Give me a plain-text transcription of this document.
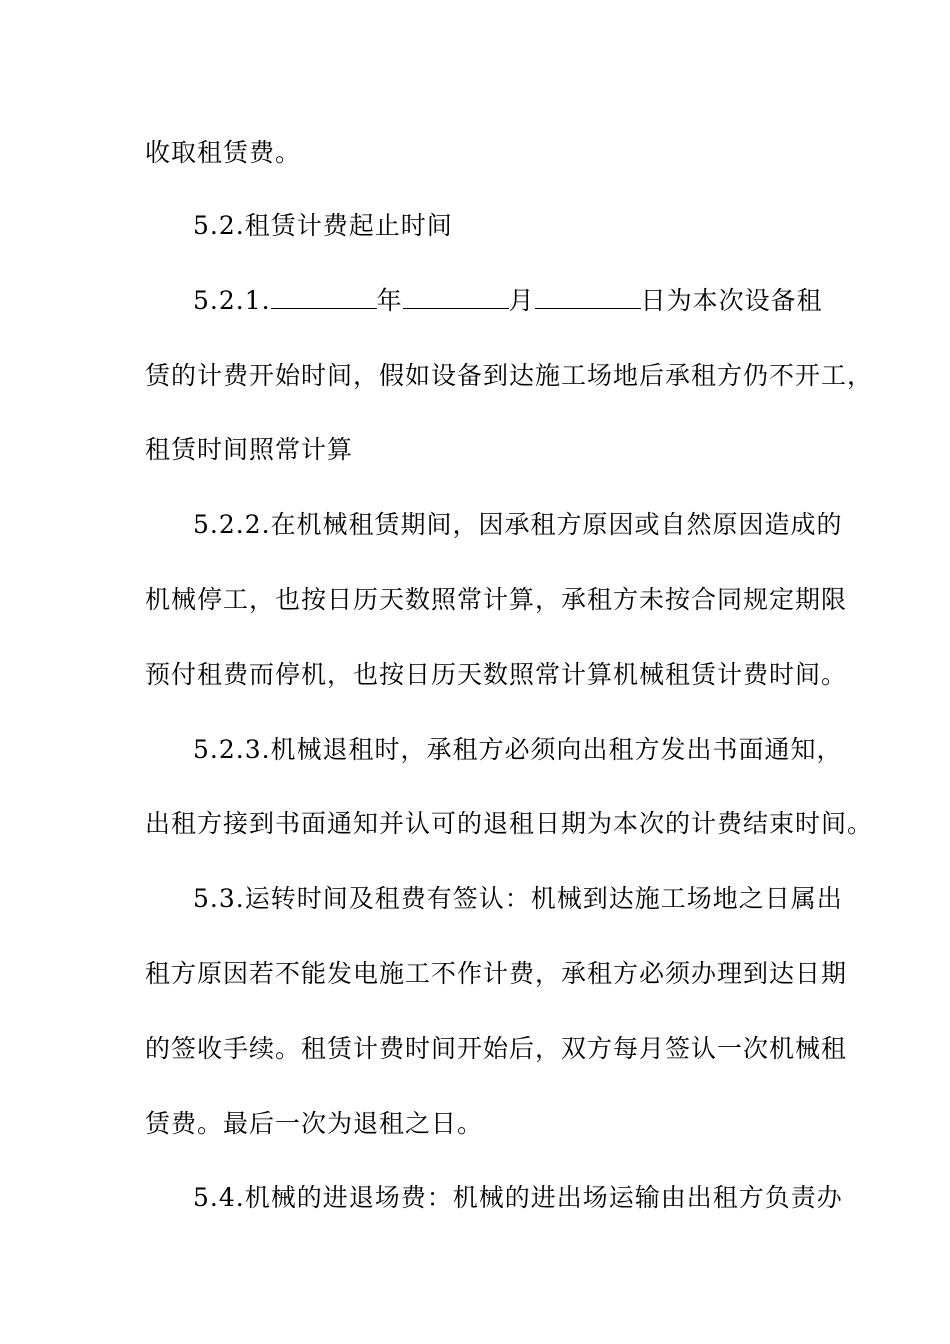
收取租赁费。
5.2.租赁计费起止时间
5.2.1.	年	月	日为本次设备租
赁的计费开始时间，假如设备到达施工场地后承租方仍不开工，
租赁时间照常计算
5.2.2.在机械租赁期间，因承租方原因或自然原因造成的
机械停工，也按日历天数照常计算，承租方未按合同规定期限
预付租费而停机，也按日历天数照常计算机械租赁计费时间。
5.2.3.机械退租时，承租方必须向出租方发出书面通知，
出租方接到书面通知并认可的退租日期为本次的计费结束时间。
5.3.运转时间及租费有签认：机械到达施工场地之日属出
租方原因若不能发电施工不作计费，承租方必须办理到达日期
的签收手续。租赁计费时间开始后，双方每月签认一次机械租
赁费。最后一次为退租之日。
5.4.机械的进退场费：机械的进出场运输由出租方负责办
